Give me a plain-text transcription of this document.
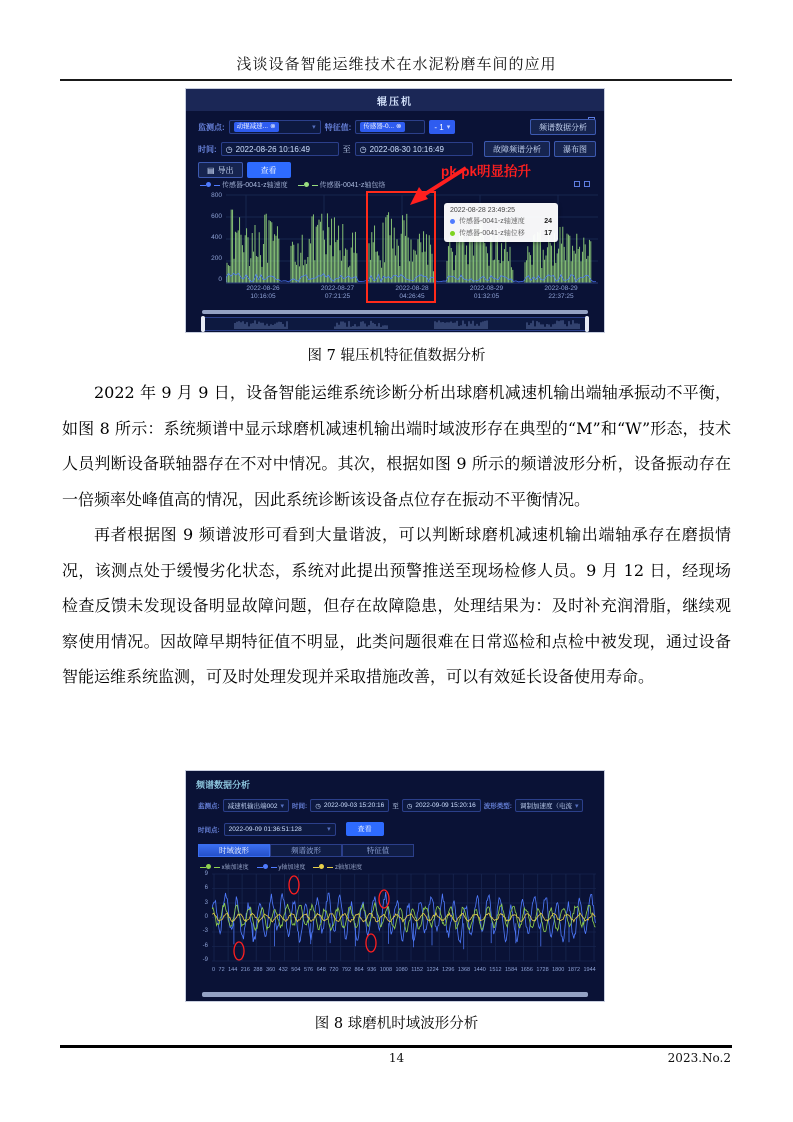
浅谈设备智能运维技术在水泥粉磨车间的应用
辊压机
监测点: 动辊减速... ⊗	▾ 特征值: 传感器-0... ⊗	- 1 ▾	频谱数据分析
时间: ◷ 2022-08-26 10:16:49	至 ◷ 2022-08-30 10:16:49	故障频谱分析	瀑布图
▤ 导出	查看
传感器-0041-z轴速度	传感器-0041-z轴包络
800
600
400
200
0
2022-08-26
10:16:05
2022-08-27
07:21:25
2022-08-28
04:26:45
2022-08-29
01:32:05
2022-08-29
22:37:25
pk-pk明显抬升
2022-08-28 23:49:25
传感器-0041-z轴速度	24
传感器-0041-z轴位移	17
图 7 辊压机特征值数据分析

2022 年 9 月 9 日，设备智能运维系统诊断分析出球磨机减速机输出端轴承振动不平衡，如图 8 所示：系统频谱中显示球磨机减速机输出端时域波形存在典型的“M”和“W”形态，技术人员判断设备联轴器存在不对中情况。其次，根据如图 9 所示的频谱波形分析，设备振动存在一倍频率处峰值高的情况，因此系统诊断该设备点位存在振动不平衡情况。

再者根据图 9 频谱波形可看到大量谐波，可以判断球磨机减速机输出端轴承存在磨损情况，该测点处于缓慢劣化状态，系统对此提出预警推送至现场检修人员。9 月 12 日，经现场检查反馈未发现设备明显故障问题，但存在故障隐患，处理结果为：及时补充润滑脂，继续观察使用情况。因故障早期特征值不明显，此类问题很难在日常巡检和点检中被发现，通过设备智能运维系统监测，可及时处理发现并采取措施改善，可以有效延长设备使用寿命。

频谱数据分析
监测点: 减速机输出端002 ▾ 时间: ◷ 2022-09-03 15:20:16 至 ◷ 2022-09-09 15:20:16 波形类型: 调制加速度（电流 ▾
时间点: 2022-09-09 01:36:51:128	▾	查看
时域波形	频谱波形	特征值
x轴加速度	y轴加速度	z轴加速度
9
6
3
0
-3
-6
-9
0 72 144 216 288 360 432 504 576 648 720 792 864 936 1008 1080 1152 1224 1296 1368 1440 1512 1584 1656 1728 1800 1872 1944
图 8 球磨机时域波形分析
14	2023.No.2
